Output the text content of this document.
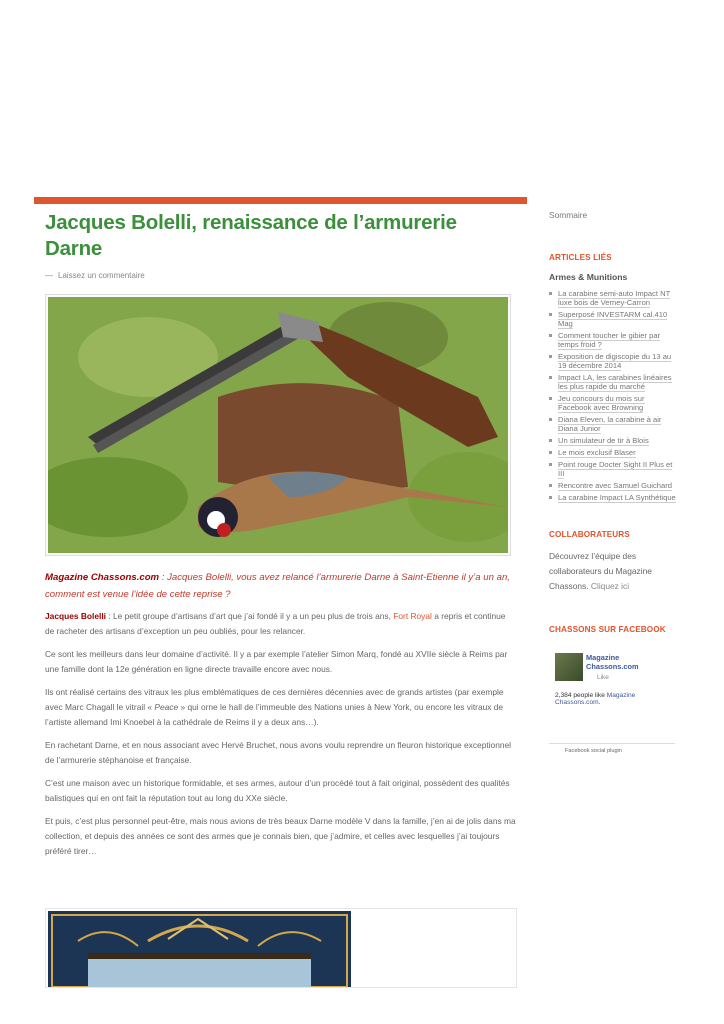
Jacques Bolelli, renaissance de l’armurerie Darne
— Laissez un commentaire
Magazine Chassons.com : Jacques Bolelli, vous avez relancé l’armurerie Darne à Saint-Etienne il y’a un an, comment est venue l’idée de cette reprise ?

Jacques Bolelli : Le petit groupe d’artisans d’art que j’ai fondé il y a un peu plus de trois ans, Fort Royal a repris et continue de racheter des artisans d’exception un peu oubliés, pour les relancer.

Ce sont les meilleurs dans leur domaine d’activité. Il y a par exemple l’atelier Simon Marq, fondé au XVIIe siècle à Reims par une famille dont la 12e génération en ligne directe travaille encore avec nous.

Ils ont réalisé certains des vitraux les plus emblématiques de ces dernières décennies avec de grands artistes (par exemple avec Marc Chagall le vitrail « Peace » qui orne le hall de l’immeuble des Nations unies à New York, ou encore les vitraux de l’artiste allemand Imi Knoebel à la cathédrale de Reims il y a deux ans…).

En rachetant Darne, et en nous associant avec Hervé Bruchet, nous avons voulu reprendre un fleuron historique exceptionnel de l’armurerie stéphanoise et française.

C’est une maison avec un historique formidable, et ses armes, autour d’un procédé tout à fait original, possèdent des qualités balistiques qui en ont fait la réputation tout au long du XXe siècle.

Et puis, c’est plus personnel peut-être, mais nous avions de très beaux Darne modèle V dans la famille, j’en ai de jolis dans ma collection, et depuis des années ce sont des armes que je connais bien, que j’admire, et celles avec lesquelles j’ai toujours préféré tirer…

Sommaire
ARTICLES LIÉS
Armes & Munitions
La carabine semi-auto Impact NT luxe bois de Verney-Carron
Superposé INVESTARM cal.410 Mag
Comment toucher le gibier par temps froid ?
Exposition de digiscopie du 13 au 19 décembre 2014
Impact LA, les carabines linéaires les plus rapide du marché
Jeu concours du mois sur Facebook avec Browning
Diana Eleven, la carabine à air Diana Junior
Un simulateur de tir à Blois
Le mois exclusif Blaser
Point rouge Docter Sight II Plus et III
Rencontre avec Samuel Guichard
La carabine Impact LA Synthétique
COLLABORATEURS
Découvrez l’équipe des collaborateurs du Magazine Chassons. Cliquez ici
CHASSONS SUR FACEBOOK
Magazine
Chassons.com
Like
2,384 people like Magazine Chassons.com.
Facebook social plugin
